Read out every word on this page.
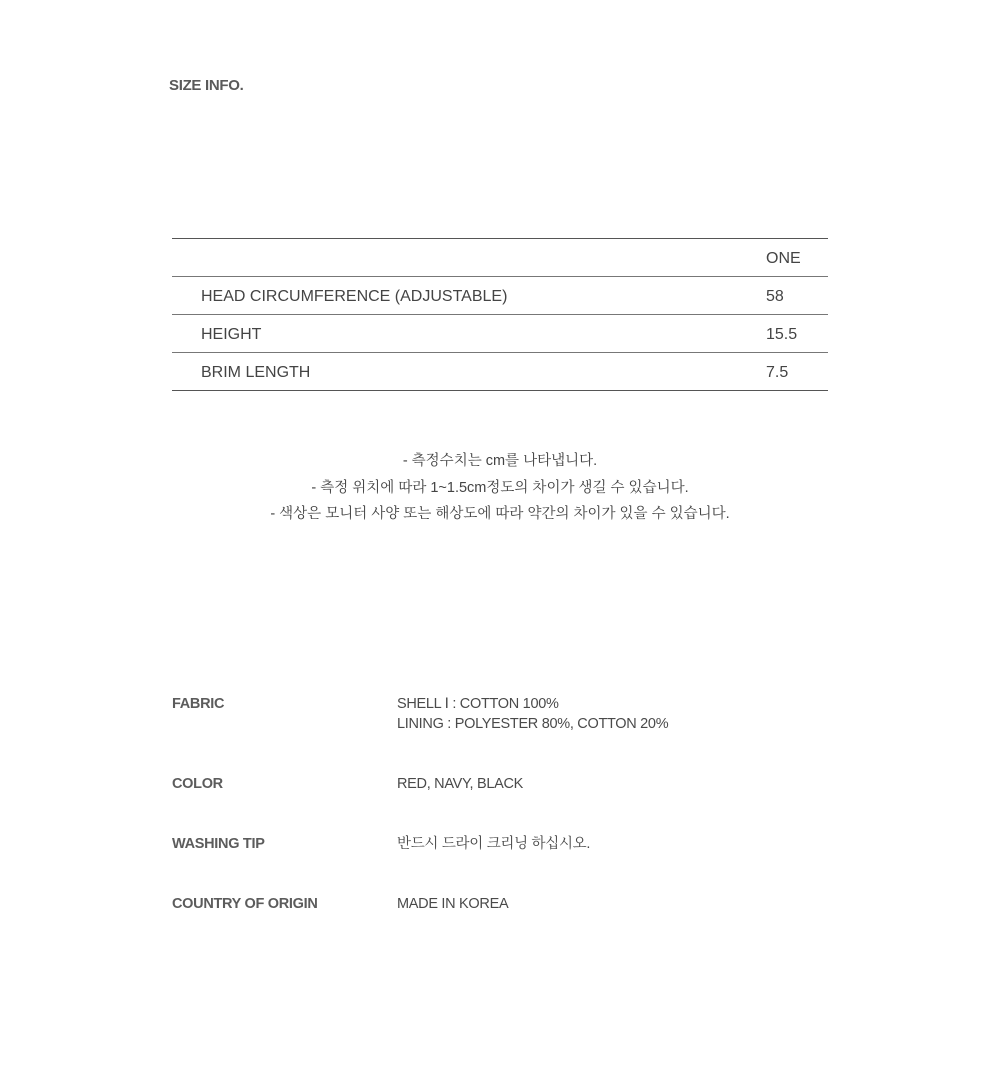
SIZE INFO.
	ONE
HEAD CIRCUMFERENCE (ADJUSTABLE)	58
HEIGHT	15.5
BRIM LENGTH	7.5
- 측정수치는 cm를 나타냅니다.
- 측정 위치에 따라 1~1.5cm정도의 차이가 생길 수 있습니다.
- 색상은 모니터 사양 또는 해상도에 따라 약간의 차이가 있을 수 있습니다.
FABRIC	SHELL Ⅰ : COTTON 100%
LINING : POLYESTER 80%, COTTON 20%
COLOR	RED, NAVY, BLACK
WASHING TIP	반드시 드라이 크리닝 하십시오.
COUNTRY OF ORIGIN	MADE IN KOREA
